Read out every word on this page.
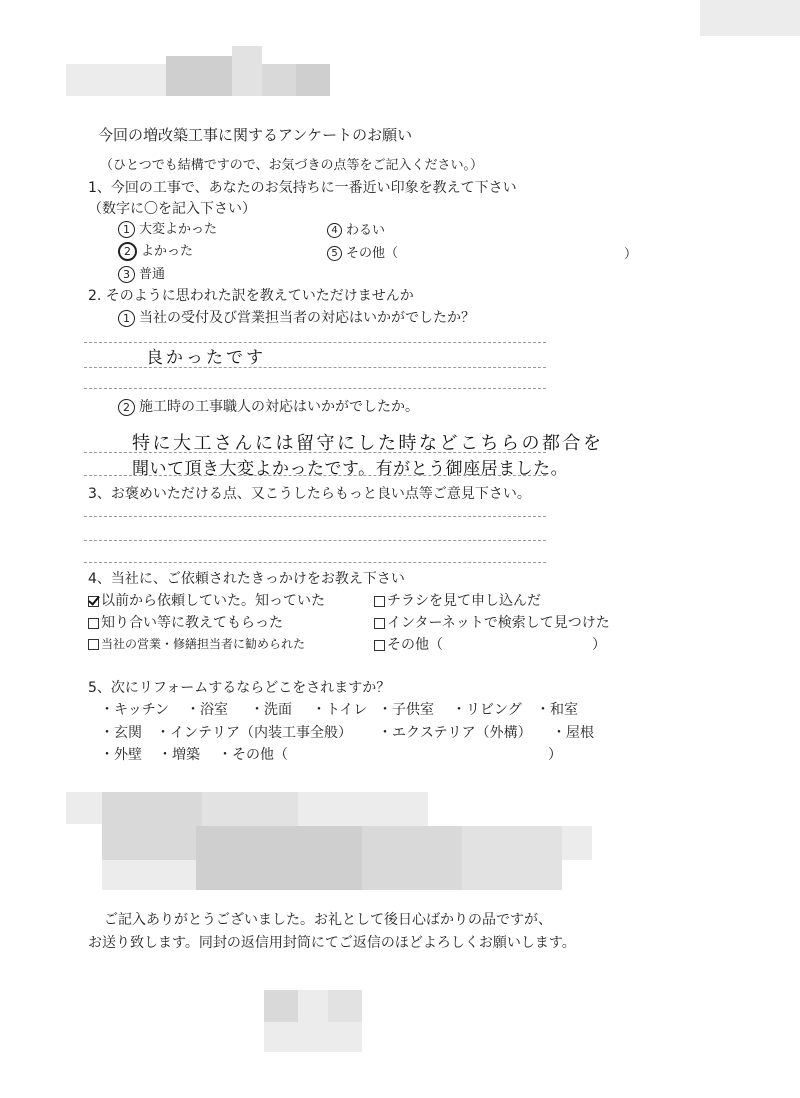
今回の増改築工事に関するアンケートのお願い
（ひとつでも結構ですので、お気づきの点等をご記入ください。）
1、今回の工事で、あなたのお気持ちに一番近い印象を教えて下さい
（数字に〇を記入下さい）
1 大変よかった
2 よかった
3 普通
4 わるい
5 その他（	）
2. そのように思われた訳を教えていただけませんか
1 当社の受付及び営業担当者の対応はいかがでしたか？
良かったです
2 施工時の工事職人の対応はいかがでしたか。
特に大工さんには留守にした時などこちらの都合を
聞いて頂き大変よかったです。有がとう御座居ました。
3、お褒めいただける点、又こうしたらもっと良い点等ご意見下さい。
4、当社に、ご依頼されたきっかけをお教え下さい
以前から依頼していた。知っていた	チラシを見て申し込んだ
知り合い等に教えてもらった	インターネットで検索して見つけた
当社の営業・修繕担当者に勧められた	その他（	）
5、次にリフォームするならどこをされますか？
・キッチン ・浴室 ・洗面 ・トイレ ・子供室 ・リビング ・和室
・玄関 ・インテリア（内装工事全般） ・エクステリア（外構） ・屋根
・外壁 ・増築 ・その他（	）
ご記入ありがとうございました。お礼として後日心ばかりの品ですが、
お送り致します。同封の返信用封筒にてご返信のほどよろしくお願いします。
